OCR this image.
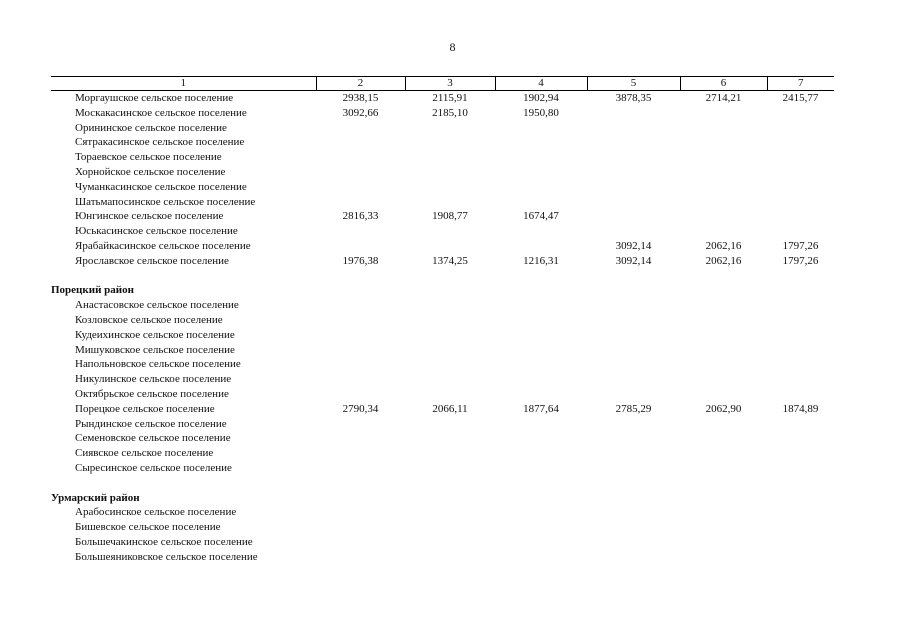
8
1	2	3	4	5	6	7
Моргаушское сельское поселение	2938,15	2115,91	1902,94	3878,35	2714,21	2415,77
Москакасинское сельское поселение	3092,66	2185,10	1950,80			
Орининское сельское поселение						
Сятракасинское сельское поселение						
Тораевское сельское поселение						
Хорнойское сельское поселение						
Чуманкасинское сельское поселение						
Шатьмапосинское сельское поселение						
Юнгинское сельское поселение	2816,33	1908,77	1674,47			
Юськасинское сельское поселение						
Ярабайкасинское сельское поселение				3092,14	2062,16	1797,26
Ярославское сельское поселение	1976,38	1374,25	1216,31	3092,14	2062,16	1797,26

Порецкий район						
Анастасовское сельское поселение						
Козловское сельское поселение						
Кудеихинское сельское поселение						
Мишуковское сельское поселение						
Напольновское сельское поселение						
Никулинское сельское поселение						
Октябрьское сельское поселение						
Порецкое сельское поселение	2790,34	2066,11	1877,64	2785,29	2062,90	1874,89
Рындинское сельское поселение						
Семеновское сельское поселение						
Сиявское сельское поселение						
Сыресинское сельское поселение						

Урмарский район						
Арабосинское сельское поселение						
Бишевское сельское поселение						
Большечакинское сельское поселение						
Большеяниковское сельское поселение						
